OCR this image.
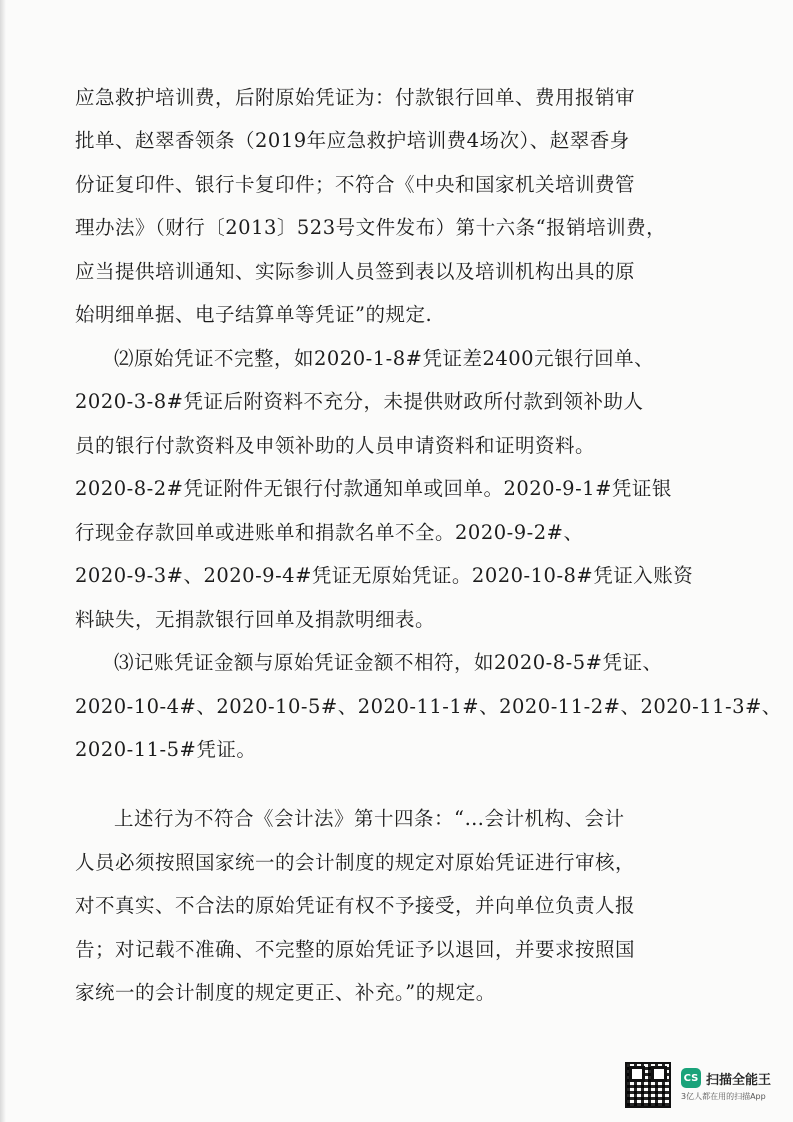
应急救护培训费，后附原始凭证为：付款银行回单、费用报销审
批单、赵翠香领条（2019年应急救护培训费4场次）、赵翠香身
份证复印件、银行卡复印件；不符合《中央和国家机关培训费管
理办法》（财行〔2013〕523号文件发布）第十六条“报销培训费，
应当提供培训通知、实际参训人员签到表以及培训机构出具的原
始明细单据、电子结算单等凭证”的规定.
⑵原始凭证不完整，如2020-1-8#凭证差2400元银行回单、
2020-3-8#凭证后附资料不充分，未提供财政所付款到领补助人
员的银行付款资料及申领补助的人员申请资料和证明资料。
2020-8-2#凭证附件无银行付款通知单或回单。2020-9-1#凭证银
行现金存款回单或进账单和捐款名单不全。2020-9-2#、
2020-9-3#、2020-9-4#凭证无原始凭证。2020-10-8#凭证入账资
料缺失，无捐款银行回单及捐款明细表。
⑶记账凭证金额与原始凭证金额不相符，如2020-8-5#凭证、
2020-10-4#、2020-10-5#、2020-11-1#、2020-11-2#、2020-11-3#、
2020-11-5#凭证。
上述行为不符合《会计法》第十四条：“…会计机构、会计
人员必须按照国家统一的会计制度的规定对原始凭证进行审核，
对不真实、不合法的原始凭证有权不予接受，并向单位负责人报
告；对记载不准确、不完整的原始凭证予以退回，并要求按照国
家统一的会计制度的规定更正、补充。”的规定。
CS 扫描全能王
3亿人都在用的扫描App
